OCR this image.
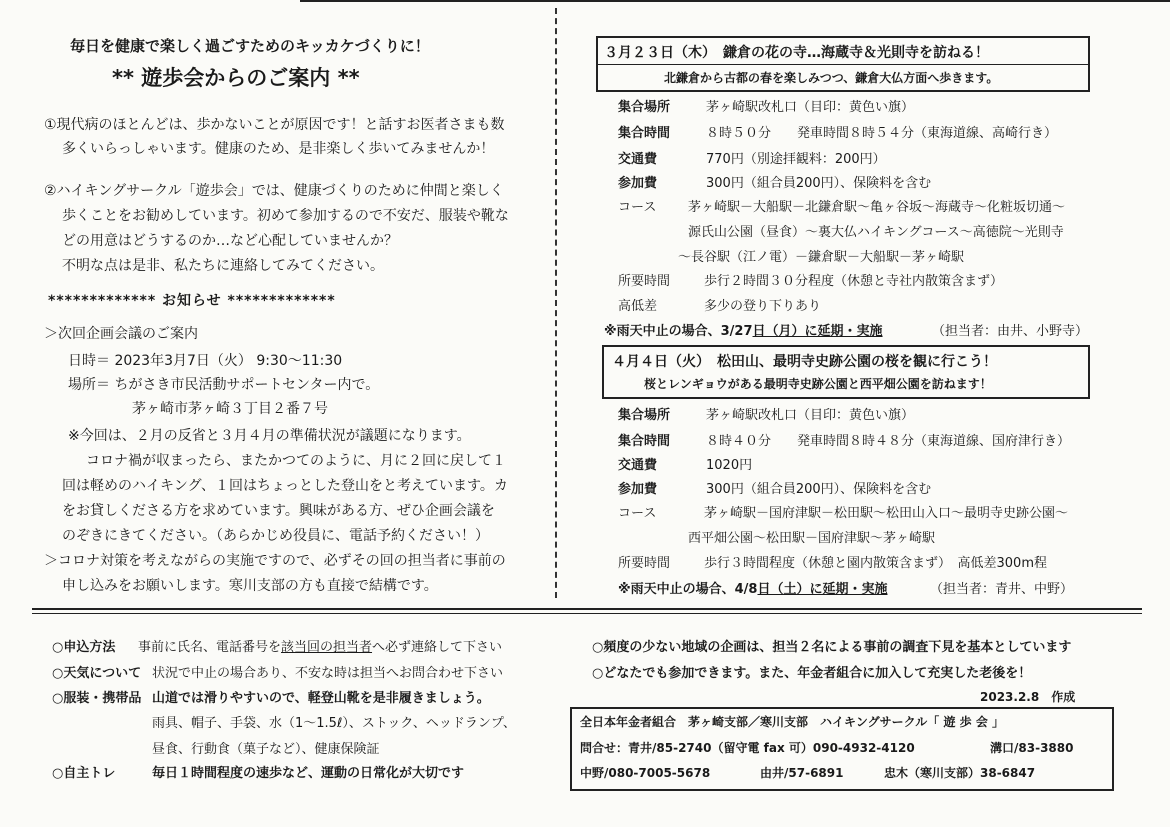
毎日を健康で楽しく過ごすためのキッカケづくりに！
** 遊歩会からのご案内 **
①現代病のほとんどは、歩かないことが原因です！と話すお医者さまも数
多くいらっしゃいます。健康のため、是非楽しく歩いてみませんか！
②ハイキングサークル「遊歩会」では、健康づくりのために仲間と楽しく
歩くことをお勧めしています。初めて参加するので不安だ、服装や靴な
どの用意はどうするのか…など心配していませんか？
不明な点は是非、私たちに連絡してみてください。
************* お知らせ *************
＞次回企画会議のご案内
日時＝ 2023年3月7日（火） 9:30～11:30
場所＝ ちがさき市民活動サポートセンター内で。
茅ヶ崎市茅ヶ崎３丁目２番７号
※今回は、２月の反省と３月４月の準備状況が議題になります。
コロナ禍が収まったら、またかつてのように、月に２回に戻して１
回は軽めのハイキング、１回はちょっとした登山をと考えています。カ
をお貸しくださる方を求めています。興味がある方、ぜひ企画会議を
のぞきにきてください。（あらかじめ役員に、電話予約ください！）
＞コロナ対策を考えながらの実施ですので、必ずその回の担当者に事前の
申し込みをお願いします。寒川支部の方も直接で結構です。
３月２３日（木）　鎌倉の花の寺…海蔵寺＆光則寺を訪ねる！
北鎌倉から古都の春を楽しみつつ、鎌倉大仏方面へ歩きます。
集合場所	茅ヶ崎駅改札口（目印：黄色い旗）
集合時間	８時５０分　　発車時間８時５４分（東海道線、高崎行き）
交通費	770円（別途拝観料：200円）
参加費	300円（組合員200円）、保険料を含む
コース 茅ヶ崎駅－大船駅－北鎌倉駅～亀ヶ谷坂～海蔵寺～化粧坂切通～
源氏山公園（昼食）～裏大仏ハイキングコース～高徳院～光則寺
～長谷駅（江ノ電）－鎌倉駅－大船駅－茅ヶ崎駅
所要時間	歩行２時間３０分程度（休憩と寺社内散策含まず）
高低差	多少の登り下りあり
※雨天中止の場合、3/27日（月）に延期・実施	（担当者：由井、小野寺）
４月４日（火）　松田山、最明寺史跡公園の桜を観に行こう！
桜とレンギョウがある最明寺史跡公園と西平畑公園を訪ねます！
集合場所	茅ヶ崎駅改札口（目印：黄色い旗）
集合時間	８時４０分　　発車時間８時４８分（東海道線、国府津行き）
交通費	1020円
参加費	300円（組合員200円）、保険料を含む
コース	茅ヶ崎駅－国府津駅－松田駅～松田山入口～最明寺史跡公園～
西平畑公園～松田駅－国府津駅～茅ヶ崎駅
所要時間	歩行３時間程度（休憩と園内散策含まず）　高低差300m程
※雨天中止の場合、4/8日（土）に延期・実施	（担当者：青井、中野）
○申込方法 事前に氏名、電話番号を該当回の担当者へ必ず連絡して下さい
○天気について 状況で中止の場合あり、不安な時は担当へお問合わせ下さい
○服装・携帯品 山道では滑りやすいので、軽登山靴を是非履きましょう。
雨具、帽子、手袋、水（1～1.5ℓ）、ストック、ヘッドランプ、
昼食、行動食（菓子など）、健康保険証
○自主トレ	毎日１時間程度の速歩など、運動の日常化が大切です
○頻度の少ない地域の企画は、担当２名による事前の調査下見を基本としています
○どなたでも参加できます。また、年金者組合に加入して充実した老後を！
2023.2.8　作成
全日本年金者組合　茅ヶ崎支部／寒川支部　ハイキングサークル「 遊 歩 会 」
問合せ：青井/85-2740（留守電 fax 可）090-4932-4120	溝口/83-3880
中野/080-7005-5678	由井/57-6891	忠木（寒川支部）38-6847
